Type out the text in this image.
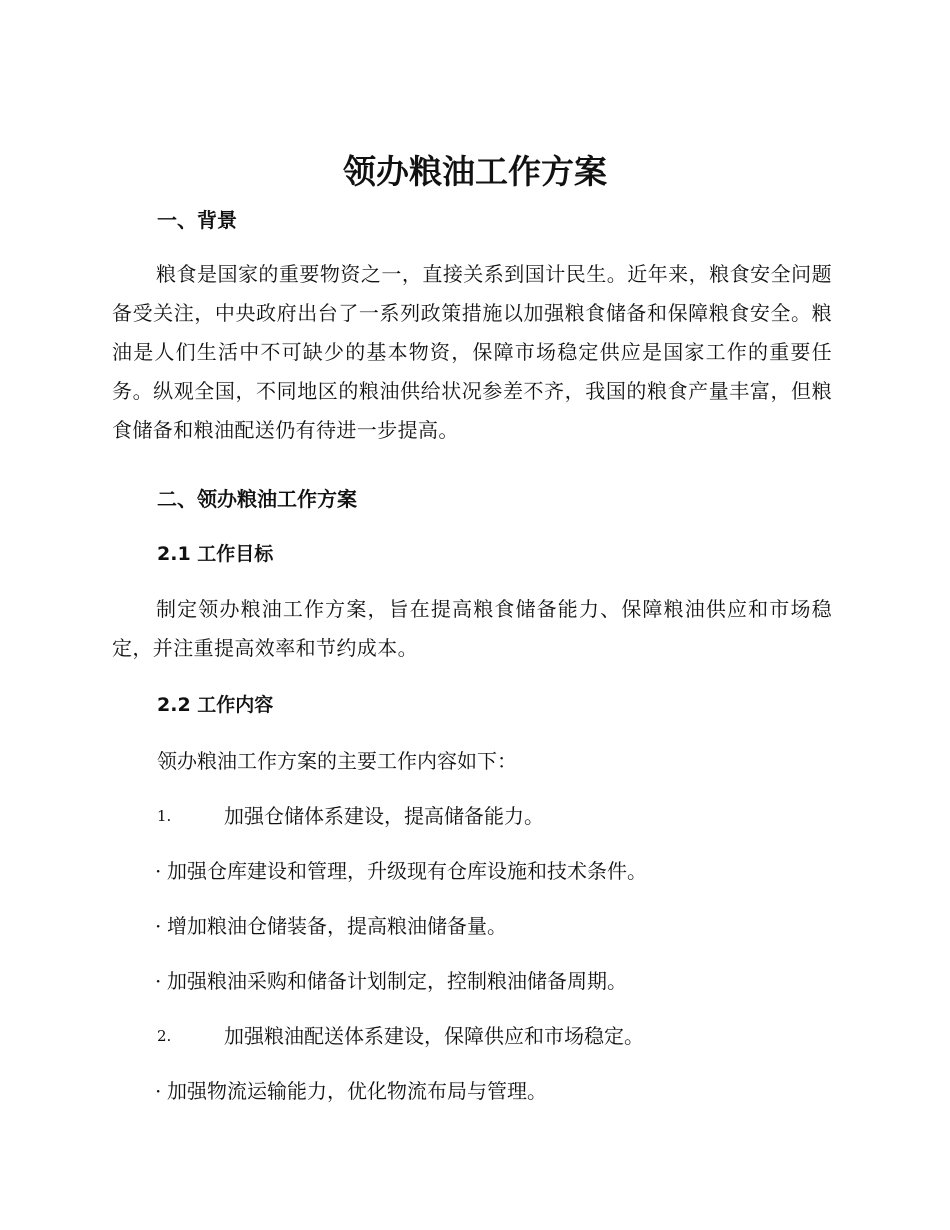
领办粮油工作方案
一、背景
粮食是国家的重要物资之一，直接关系到国计民生。近年来，粮食安全问题备受关注，中央政府出台了一系列政策措施以加强粮食储备和保障粮食安全。粮油是人们生活中不可缺少的基本物资，保障市场稳定供应是国家工作的重要任务。纵观全国，不同地区的粮油供给状况参差不齐，我国的粮食产量丰富，但粮食储备和粮油配送仍有待进一步提高。
二、领办粮油工作方案
2.1 工作目标
制定领办粮油工作方案，旨在提高粮食储备能力、保障粮油供应和市场稳定，并注重提高效率和节约成本。
2.2 工作内容
领办粮油工作方案的主要工作内容如下：
1.	加强仓储体系建设，提高储备能力。
· 加强仓库建设和管理，升级现有仓库设施和技术条件。
· 增加粮油仓储装备，提高粮油储备量。
· 加强粮油采购和储备计划制定，控制粮油储备周期。
2.	加强粮油配送体系建设，保障供应和市场稳定。
· 加强物流运输能力，优化物流布局与管理。
